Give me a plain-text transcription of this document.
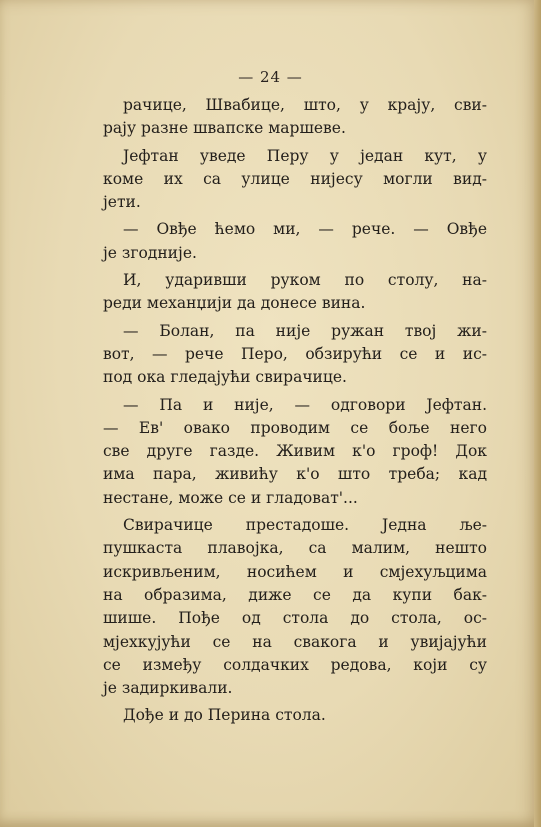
— 24 —
рачице, Швабице, што, у крају, сви-
рају разне швапске маршеве.
Јефтан уведе Перу у један кут, у
коме их са улице нијесу могли вид-
јети.
— Овђе ћемо ми, — рече. — Овђе
је згодније.
И, ударивши руком по столу, на-
реди механџији да донесе вина.
— Болан, па није ружан твој жи-
вот, — рече Перо, обзирући се и ис-
под ока гледајући свирачице.
— Па и није, — одговори Јефтан.
— Ев' овако проводим се боље него
све друге газде. Живим к'о гроф! Док
има пара, живићу к'о што треба; кад
нестане, може се и гладоват'...
Свирачице престадоше. Једна ље-
пушкаста плавојка, са малим, нешто
искривљеним, носићем и смјехуљцима
на образима, диже се да купи бак-
шише. Пође од стола до стола, ос-
мјехкујући се на свакога и увијајући
се између солдачких редова, који су
је задиркивали.
Дође и до Перина стола.
